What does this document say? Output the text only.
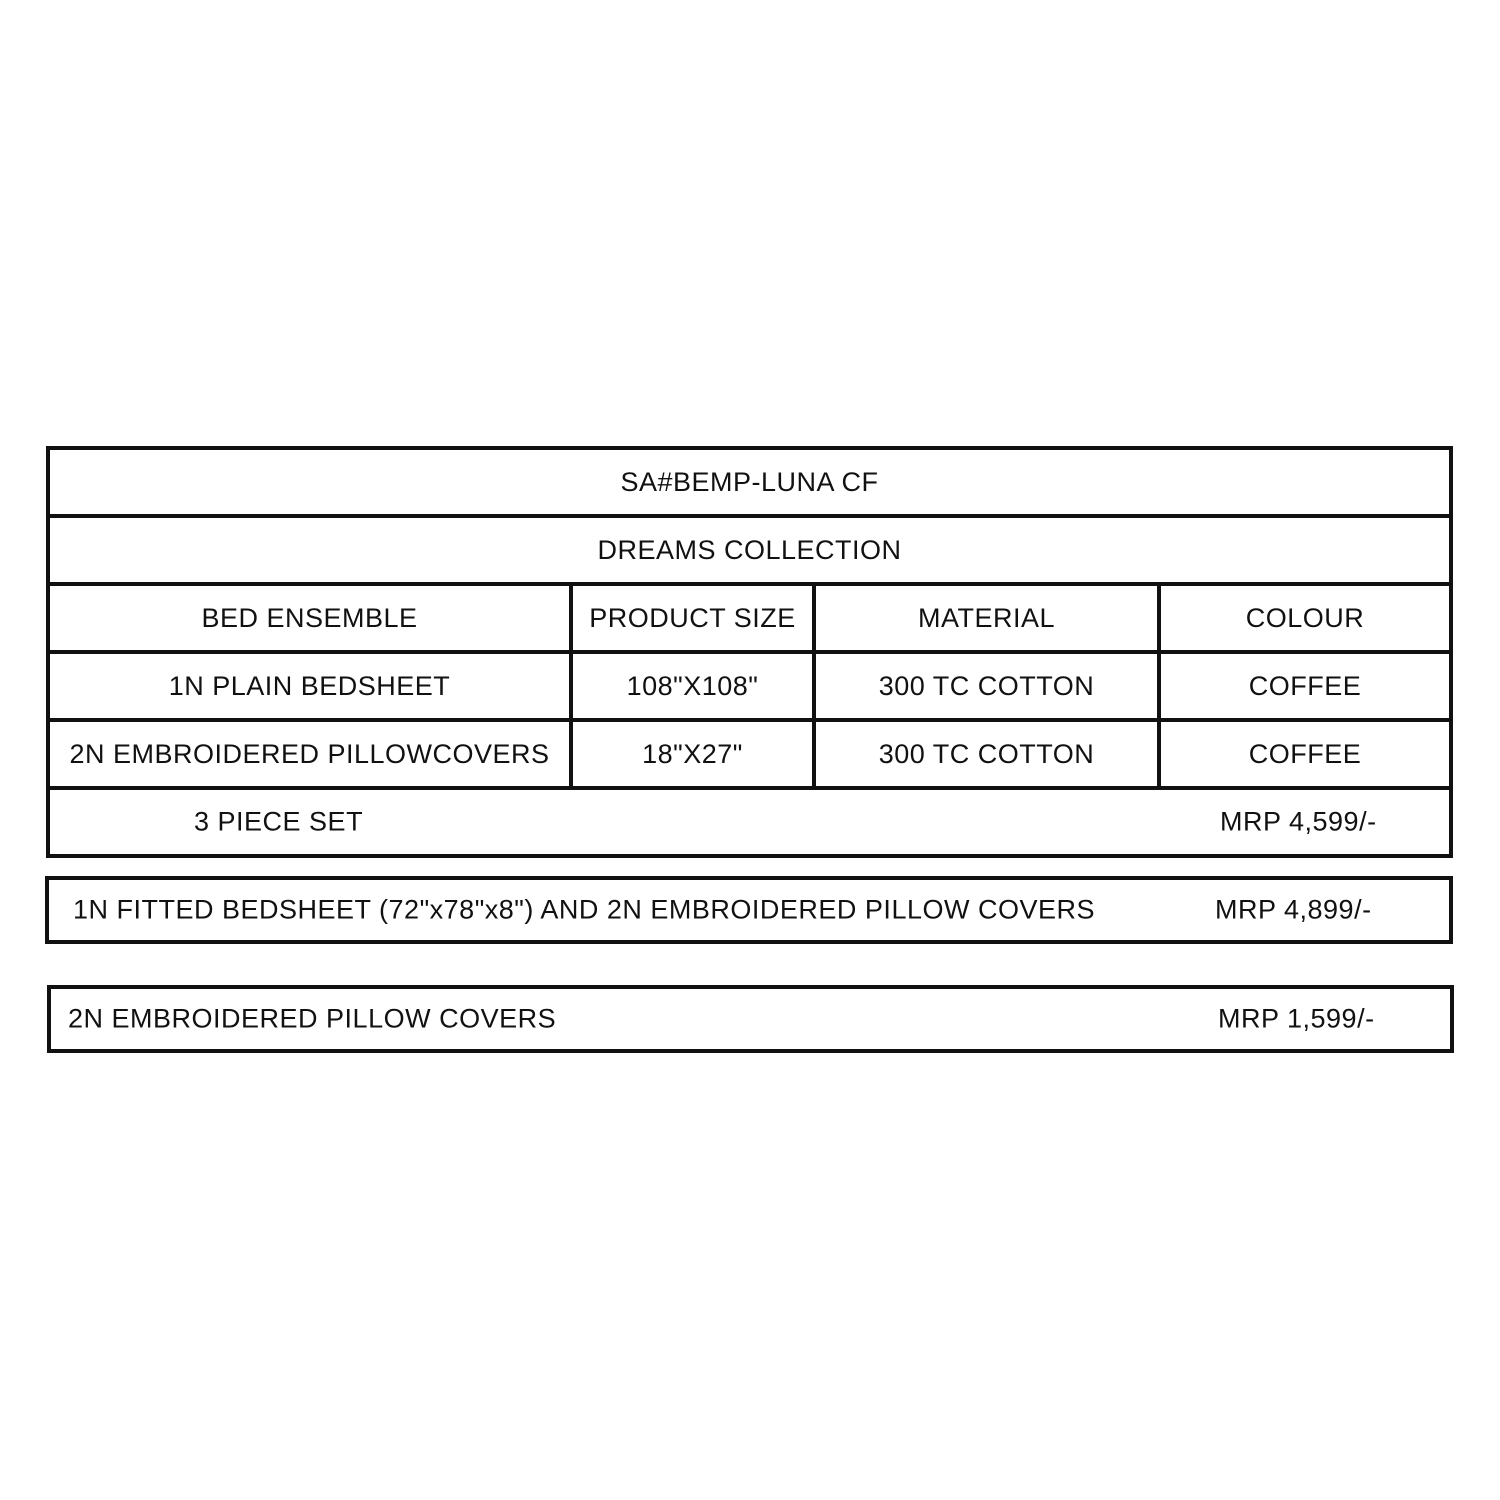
SA#BEMP-LUNA CF			
DREAMS COLLECTION			
BED ENSEMBLE	PRODUCT SIZE	MATERIAL	COLOUR
1N PLAIN BEDSHEET	108"X108"	300 TC COTTON	COFFEE
2N EMBROIDERED PILLOWCOVERS	18"X27"	300 TC COTTON	COFFEE

3 PIECE SET MRP 4,599/-			
1N FITTED BEDSHEET (72"x78"x8") AND 2N EMBROIDERED PILLOW COVERS	MRP 4,899/-
2N EMBROIDERED PILLOW COVERS	MRP 1,599/-
